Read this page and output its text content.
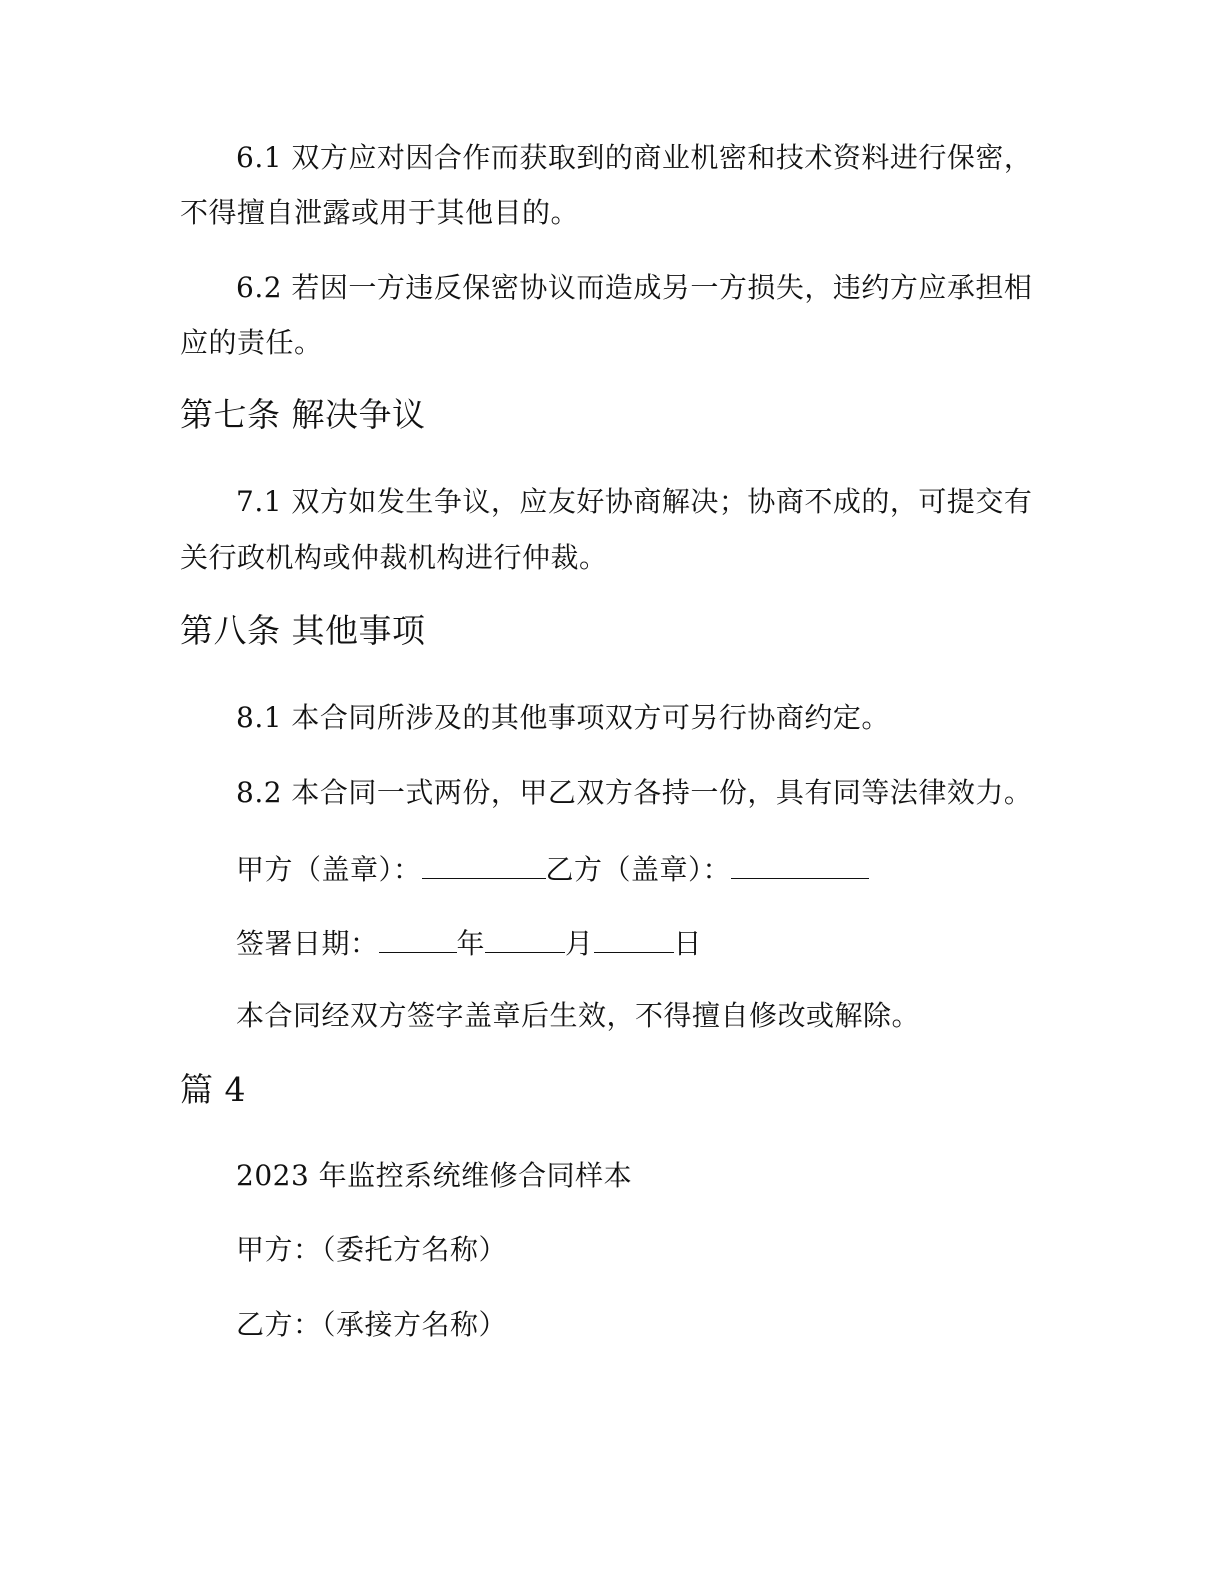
6.1 双方应对因合作而获取到的商业机密和技术资料进行保密，
不得擅自泄露或用于其他目的。
6.2 若因一方违反保密协议而造成另一方损失，违约方应承担相
应的责任。
第七条 解决争议
7.1 双方如发生争议，应友好协商解决；协商不成的，可提交有
关行政机构或仲裁机构进行仲裁。
第八条 其他事项
8.1 本合同所涉及的其他事项双方可另行协商约定。
8.2 本合同一式两份，甲乙双方各持一份，具有同等法律效力。
甲方（盖章）：	乙方（盖章）：
签署日期：	年	月	日
本合同经双方签字盖章后生效，不得擅自修改或解除。
篇 4
2023 年监控系统维修合同样本
甲方：（委托方名称）
乙方：（承接方名称）
